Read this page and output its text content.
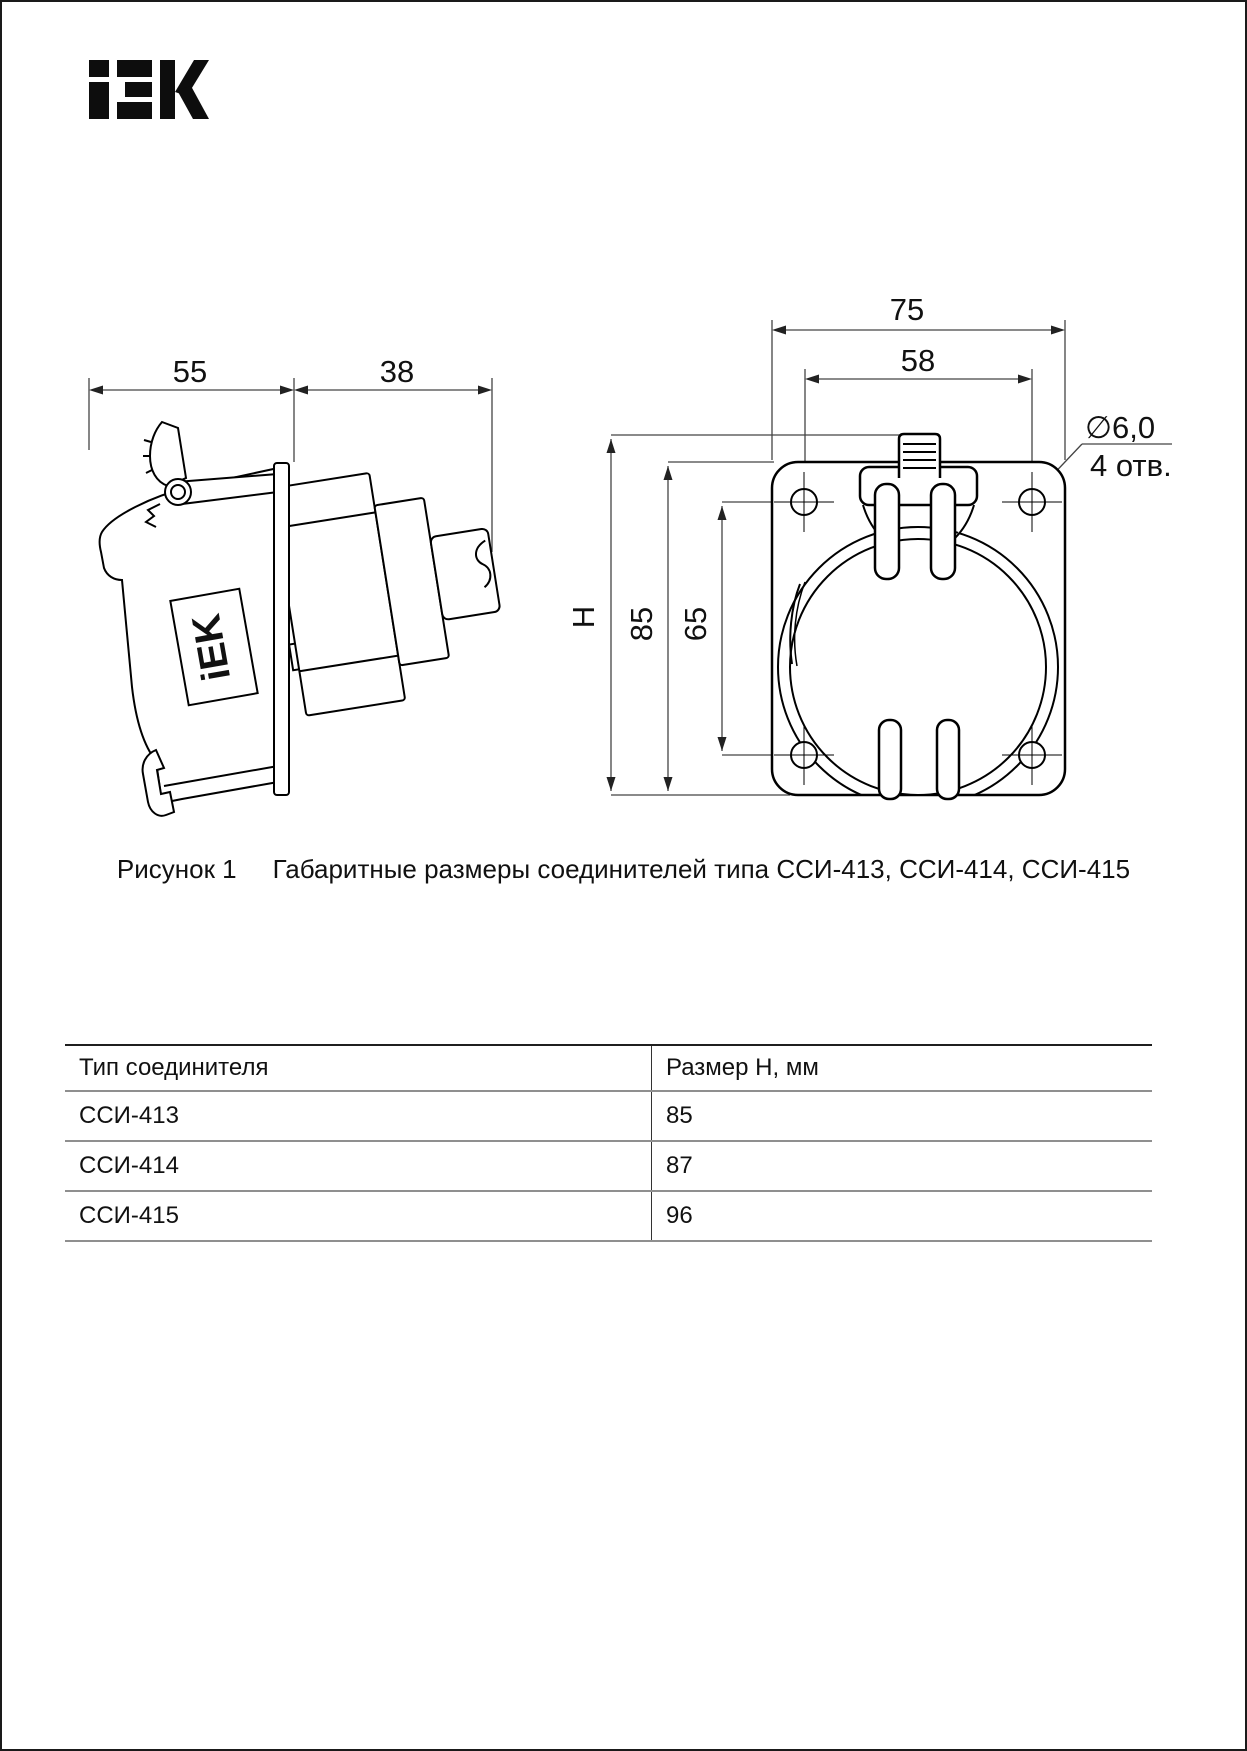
55	38
iEK
75
58
H 85 65
∅6,0
4 отв.
Рисунок 1 Габаритные размеры соединителей типа ССИ-413, ССИ-414, ССИ-415
Тип соединителя	Размер Н, мм
ССИ-413	85
ССИ-414	87
ССИ-415	96
